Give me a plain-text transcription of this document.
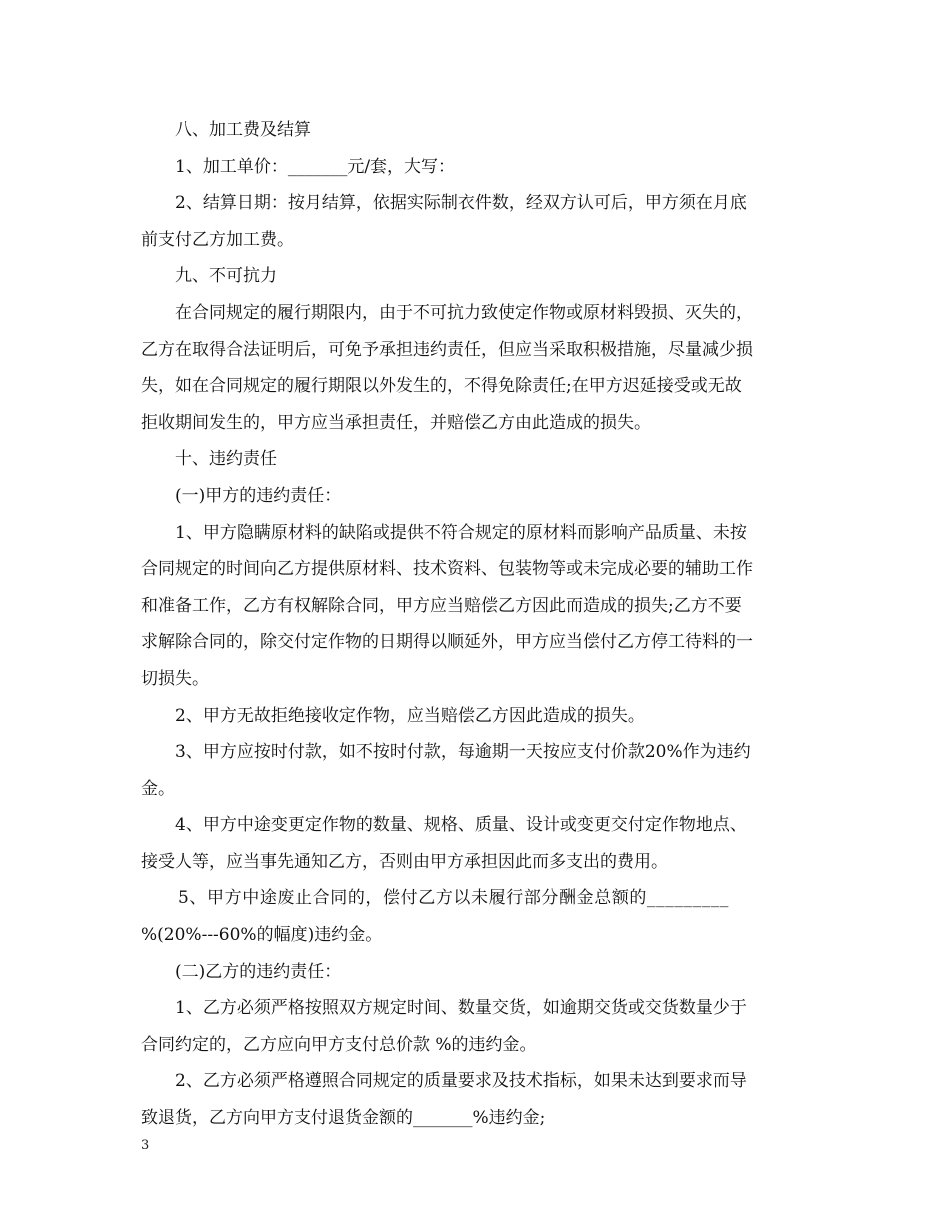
八、加工费及结算
1、加工单价：_______元/套，大写：
2、结算日期：按月结算，依据实际制衣件数，经双方认可后，甲方须在月底
前支付乙方加工费。
九、不可抗力
在合同规定的履行期限内，由于不可抗力致使定作物或原材料毁损、灭失的，
乙方在取得合法证明后，可免予承担违约责任，但应当采取积极措施，尽量减少损
失，如在合同规定的履行期限以外发生的，不得免除责任;在甲方迟延接受或无故
拒收期间发生的，甲方应当承担责任，并赔偿乙方由此造成的损失。
十、违约责任
(一)甲方的违约责任：
1、甲方隐瞒原材料的缺陷或提供不符合规定的原材料而影响产品质量、未按
合同规定的时间向乙方提供原材料、技术资料、包装物等或未完成必要的辅助工作
和准备工作，乙方有权解除合同，甲方应当赔偿乙方因此而造成的损失;乙方不要
求解除合同的，除交付定作物的日期得以顺延外，甲方应当偿付乙方停工待料的一
切损失。
2、甲方无故拒绝接收定作物，应当赔偿乙方因此造成的损失。
3、甲方应按时付款，如不按时付款，每逾期一天按应支付价款20%作为违约
金。
4、甲方中途变更定作物的数量、规格、质量、设计或变更交付定作物地点、
接受人等，应当事先通知乙方，否则由甲方承担因此而多支出的费用。
5、甲方中途废止合同的，偿付乙方以未履行部分酬金总额的_________
%(20%---60%的幅度)违约金。
(二)乙方的违约责任：
1、乙方必须严格按照双方规定时间、数量交货，如逾期交货或交货数量少于
合同约定的，乙方应向甲方支付总价款 %的违约金。
2、乙方必须严格遵照合同规定的质量要求及技术指标，如果未达到要求而导
致退货，乙方向甲方支付退货金额的_______%违约金;
3
